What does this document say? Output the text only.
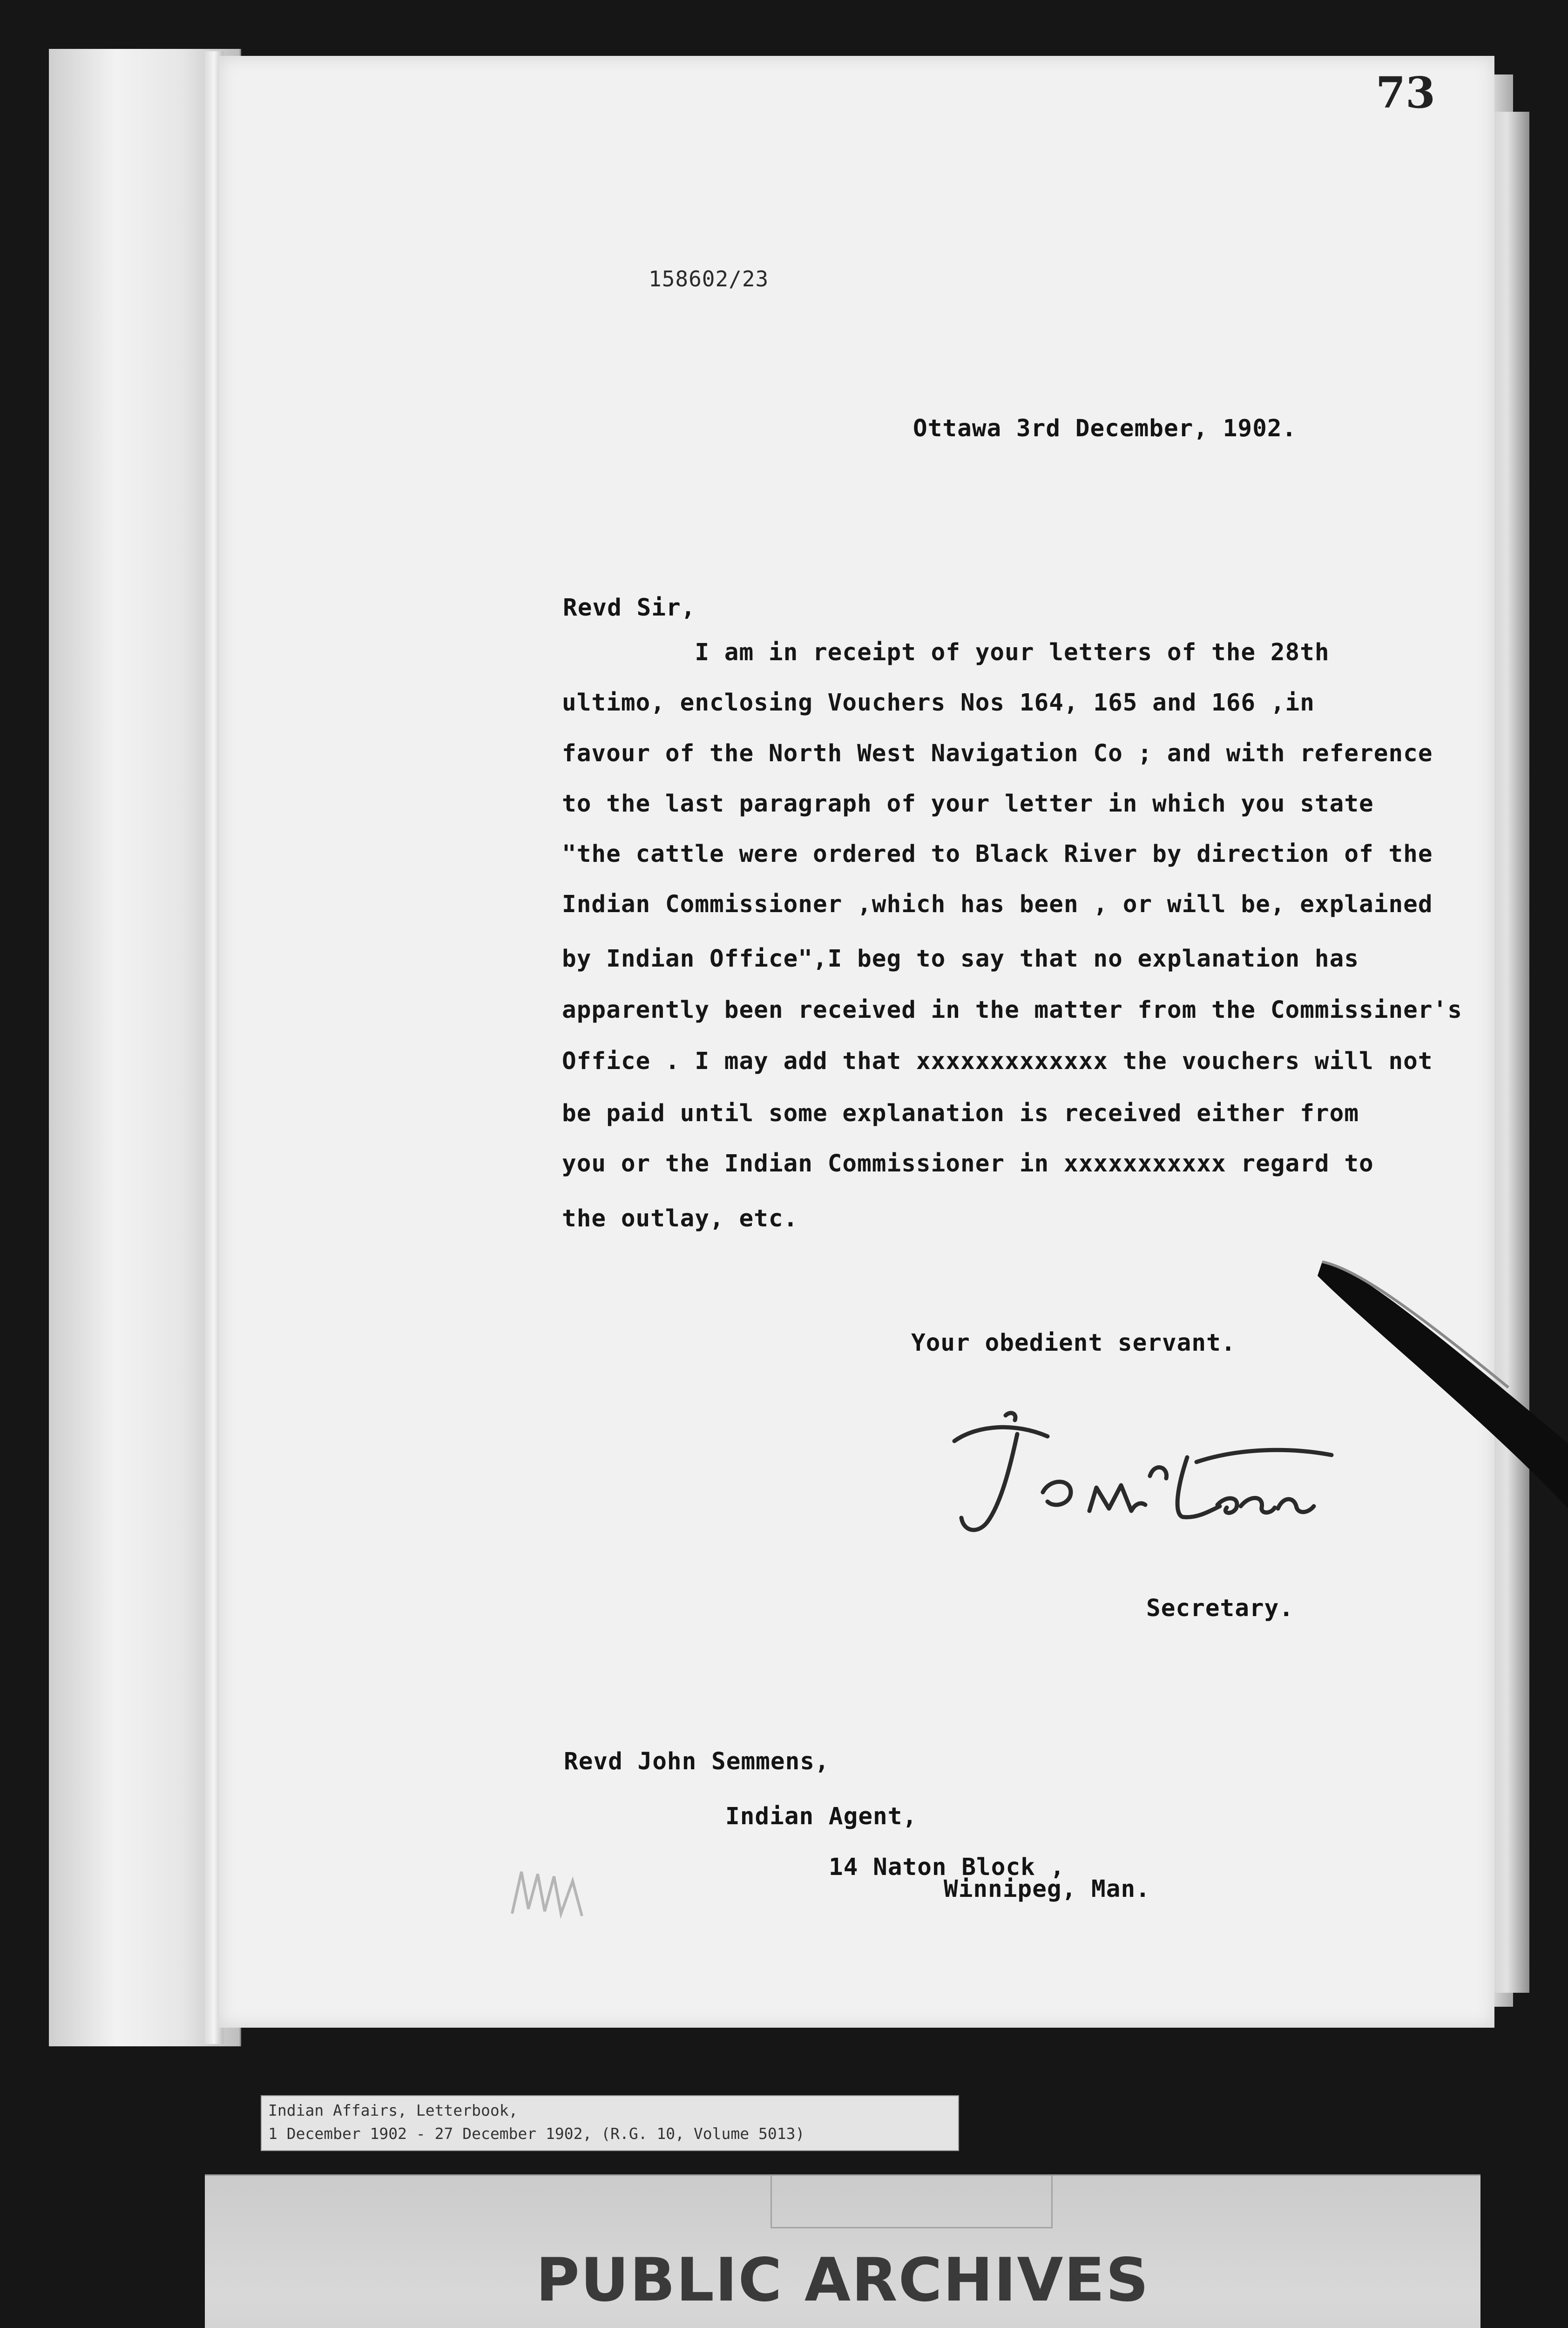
73
158602/23
Ottawa 3rd December, 1902.
Revd Sir,
I am in receipt of your letters of the 28th
ultimo, enclosing Vouchers Nos 164, 165 and 166 ,in
favour of the North West Navigation Co ; and with reference
to the last paragraph of your letter in which you state
"the cattle were ordered to Black River by direction of the
Indian Commissioner ,which has been , or will be, explained
by Indian Office",I beg to say that no explanation has
apparently been received in the matter from the Commissiner's
Office . I may add that xxxxxxxxxxxxx the vouchers will not
be paid until some explanation is received either from
you or the Indian Commissioner in xxxxxxxxxxx regard to
the outlay, etc.
Your obedient servant.
Secretary.
Revd John Semmens,
Indian Agent,
14 Naton Block ,
Winnipeg, Man.
Indian Affairs, Letterbook,
1 December 1902 - 27 December 1902, (R.G. 10, Volume 5013)
PUBLIC ARCHIVES
